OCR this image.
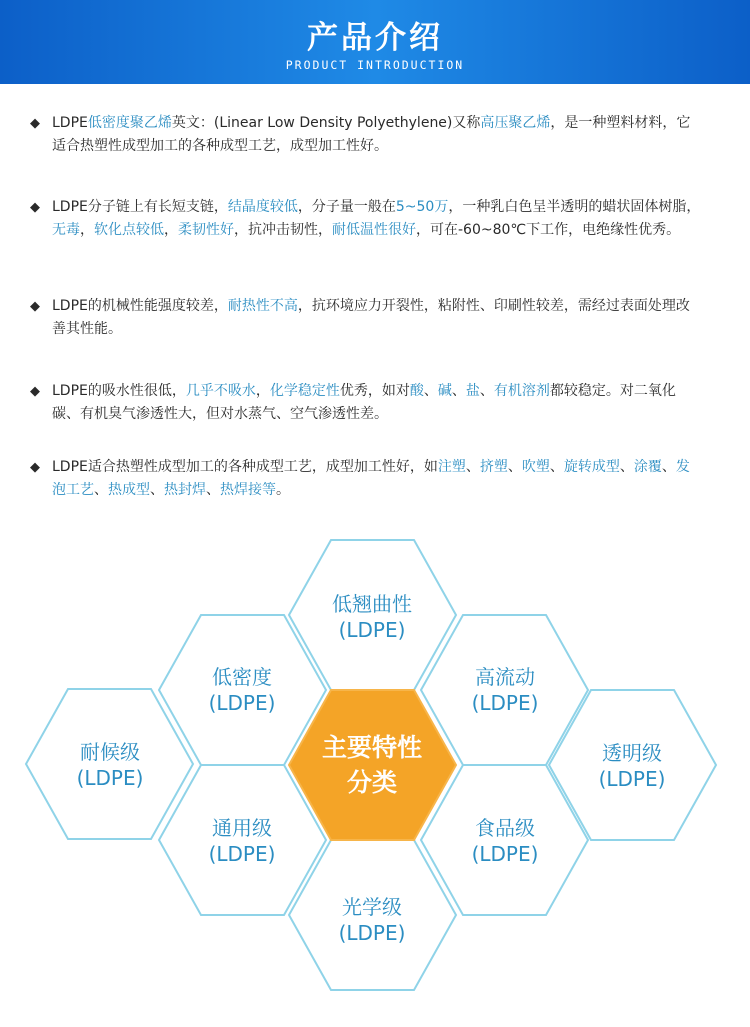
产品介绍
PRODUCT INTRODUCTION
◆ LDPE低密度聚乙烯英文：(Linear Low Density Polyethylene)又称高压聚乙烯，是一种塑料材料，它适合热塑性成型加工的各种成型工艺，成型加工性好。
◆ LDPE分子链上有长短支链，结晶度较低，分子量一般在5~50万，一种乳白色呈半透明的蜡状固体树脂，无毒，软化点较低，柔韧性好，抗冲击韧性，耐低温性很好，可在-60~80℃下工作，电绝缘性优秀。
◆ LDPE的机械性能强度较差，耐热性不高，抗环境应力开裂性，粘附性、印刷性较差，需经过表面处理改善其性能。
◆ LDPE的吸水性很低，几乎不吸水，化学稳定性优秀，如对酸、碱、盐、有机溶剂都较稳定。对二氧化碳、有机臭气渗透性大，但对水蒸气、空气渗透性差。
◆ LDPE适合热塑性成型加工的各种成型工艺，成型加工性好，如注塑、挤塑、吹塑、旋转成型、涂覆、发泡工艺、热成型、热封焊、热焊接等。
低翘曲性
(LDPE)
低密度
(LDPE)
高流动
(LDPE)
耐候级
(LDPE)
透明级
(LDPE)
通用级
(LDPE)
食品级
(LDPE)
光学级
(LDPE)
主要特性
分类
